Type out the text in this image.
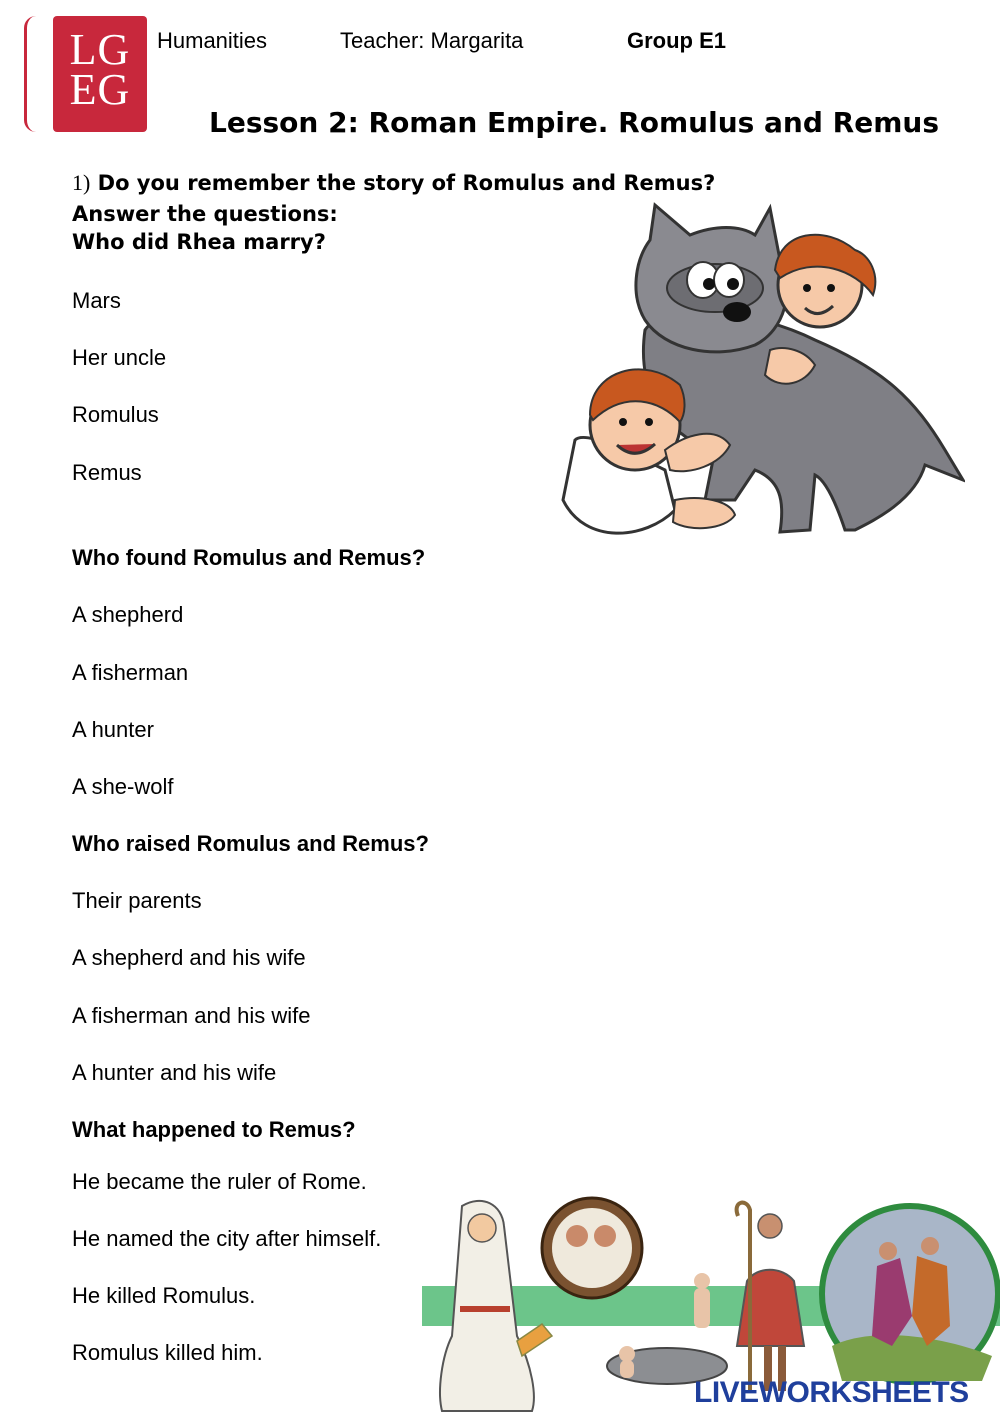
LG
EG
Humanities	Teacher: Margarita	Group E1
Lesson 2: Roman Empire. Romulus and Remus
1) Do you remember the story of Romulus and Remus?
Answer the questions:
Who did Rhea marry?
Mars
Her uncle
Romulus
Remus
Who found Romulus and Remus?
A shepherd
A fisherman
A hunter
A she-wolf
Who raised Romulus and Remus?
Their parents
A shepherd and his wife
A fisherman and his wife
A hunter and his wife
What happened to Remus?
He became the ruler of Rome.
He named the city after himself.
He killed Romulus.
Romulus killed him.
LIVEWORKSHEETS
